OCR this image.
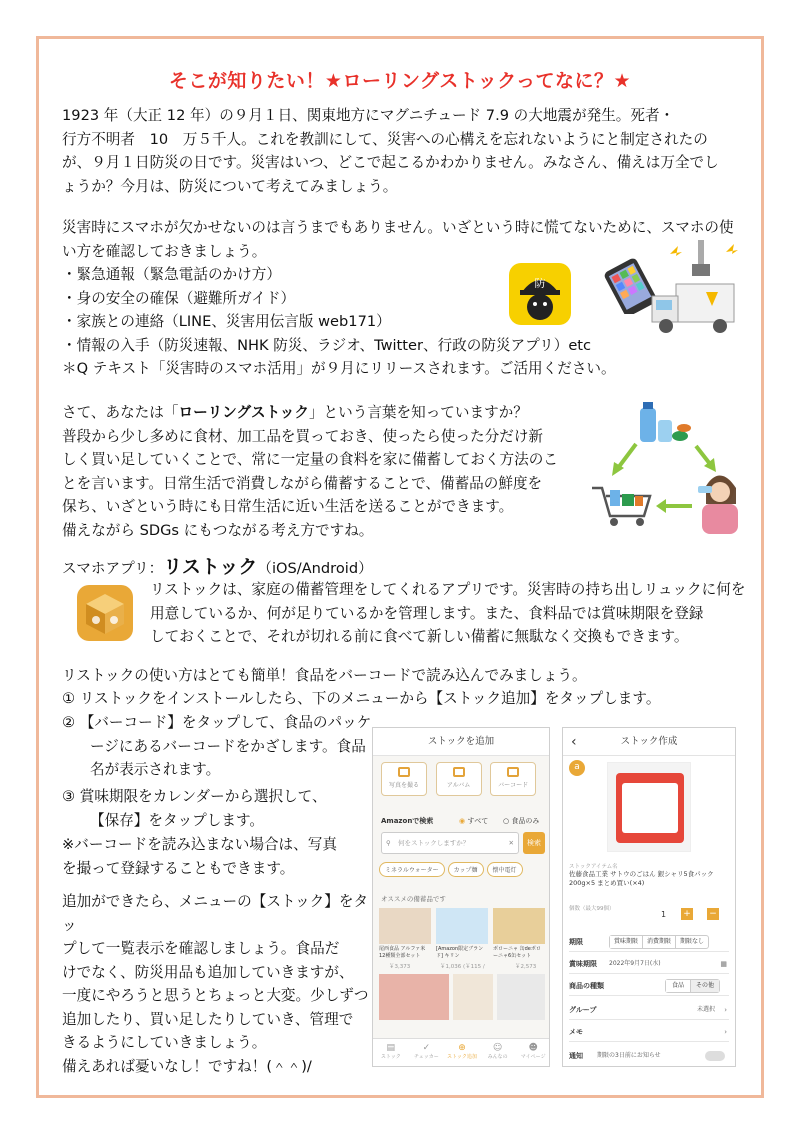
そこが知りたい！★ローリングストックってなに？★
1923 年（大正 12 年）の９月１日、関東地方にマグニチュード 7.9 の大地震が発生。死者・
行方不明者　10　万５千人。これを教訓にして、災害への心構えを忘れないようにと制定されたの
が、９月１日防災の日です。災害はいつ、どこで起こるかわかりません。みなさん、備えは万全でし
ょうか？今月は、防災について考えてみましょう。
災害時にスマホが欠かせないのは言うまでもありません。いざという時に慌てないために、スマホの使
い方を確認しておきましょう。
・緊急通報（緊急電話のかけ方）
・身の安全の確保（避難所ガイド）
・家族との連絡（LINE、災害用伝言版 web171）
・情報の入手（防災速報、NHK 防災、ラジオ、Twitter、行政の防災アプリ）etc
＊Q テキスト「災害時のスマホ活用」が９月にリリースされます。ご活用ください。
防
さて、あなたは「ローリングストック」という言葉を知っていますか？
普段から少し多めに食材、加工品を買っておき、使ったら使った分だけ新
しく買い足していくことで、常に一定量の食料を家に備蓄しておく方法のこ
とを言います。日常生活で消費しながら備蓄することで、備蓄品の鮮度を
保ち、いざという時にも日常生活に近い生活を送ることができます。
備えながら SDGs にもつながる考え方ですね。
スマホアプリ：リストック（iOS/Android）
リストックは、家庭の備蓄管理をしてくれるアプリです。災害時の持ち出しリュックに何を
用意しているか、何が足りているかを管理します。また、食料品では賞味期限を登録
しておくことで、それが切れる前に食べて新しい備蓄に無駄なく交換もできます。
リストックの使い方はとても簡単！食品をバーコードで読み込んでみましょう。
① リストックをインストールしたら、下のメニューから【ストック追加】をタップします。
② 【バーコード】をタップして、食品のパッケ
ージにあるバーコードをかざします。食品
名が表示されます。
③ 賞味期限をカレンダーから選択して、
【保存】をタップします。
※バーコードを読み込まない場合は、写真
を撮って登録することもできます。
追加ができたら、メニューの【ストック】をタッ
プして一覧表示を確認しましょう。食品だ
けでなく、防災用品も追加していきますが、
一度にやろうと思うとちょっと大変。少しずつ
追加したり、買い足したりしていき、管理で
きるようにしていきましょう。
備えあれば憂いなし！ですね！(＾＾)/
ストックを追加
写真を撮る	アルバム	バーコード
Amazonで検索	◉ すべて ○ 食品のみ
⚲ 何をストックしますか？	✕	検索
ミネラルウォーター	カップ麺	懐中電灯
オススメの備蓄品です
尾西食品 アルファ米12種類全部セット
[Amazon限定ブランド] キリン
ボローニャ 缶deボローニャ6缶セット
￥3,373	￥1,036 (￥115 /	￥2,573
▤
ストック
✓
チェッカー
⊕
ストック追加
☺
みんなの
☻
マイページ
‹	ストック作成
a
ストックアイテム名
佐藤食品工業 サトウのごはん 銀シャリ5食パック 200g×5 まとめ買い(×4)
個数（最大99個）
1 + −
期限	賞味期限 消費期限 期限なし
賞味期限 2022年9月7日(水)	▦
商品の種類	食品 その他
グループ	未選択 ›
メモ	›
通知 期限の3日前にお知らせ
